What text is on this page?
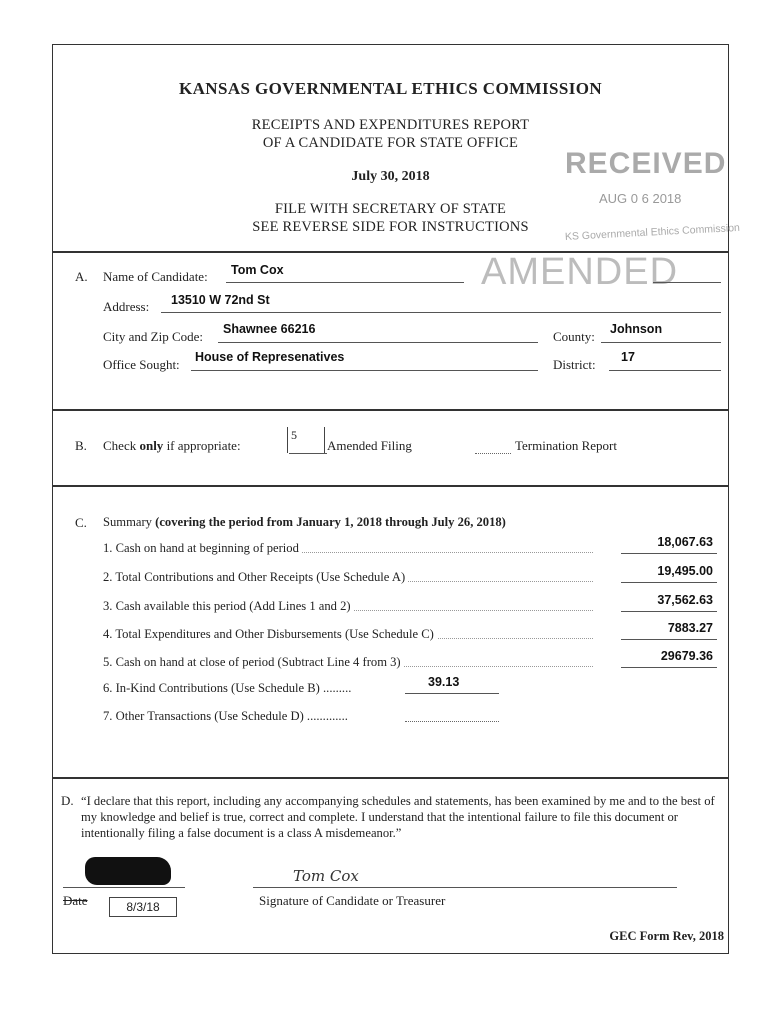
KANSAS GOVERNMENTAL ETHICS COMMISSION
RECEIPTS AND EXPENDITURES REPORT
OF A CANDIDATE FOR STATE OFFICE
July 30, 2018
FILE WITH SECRETARY OF STATE
SEE REVERSE SIDE FOR INSTRUCTIONS
RECEIVED
AUG 0 6 2018
KS Governmental Ethics Commission
A. Name of Candidate: Tom Cox	AMENDED
Address: 13510 W 72nd St
City and Zip Code: Shawnee 66216	County: Johnson
Office Sought: House of Represenatives	District: 17
B. Check only if appropriate:
5
Amended Filing	Termination Report
C. Summary (covering the period from January 1, 2018 through July 26, 2018)
6. In-Kind Contributions (Use Schedule B) .........	39.13
7. Other Transactions (Use Schedule D) .............
D. “I declare that this report, including any accompanying schedules and statements, has been examined by me and to the best of my knowledge and belief is true, correct and complete. I understand that the intentional failure to file this document or intentionally filing a false document is a class A misdemeanor.”
Tom Cox
Date	8/3/18	Signature of Candidate or Treasurer
GEC Form Rev, 2018
1. Cash on hand at beginning of period	18,067.63
2. Total Contributions and Other Receipts (Use Schedule A)	19,495.00
3. Cash available this period (Add Lines 1 and 2)	37,562.63
4. Total Expenditures and Other Disbursements (Use Schedule C)	7883.27
5. Cash on hand at close of period (Subtract Line 4 from 3)	29679.36
